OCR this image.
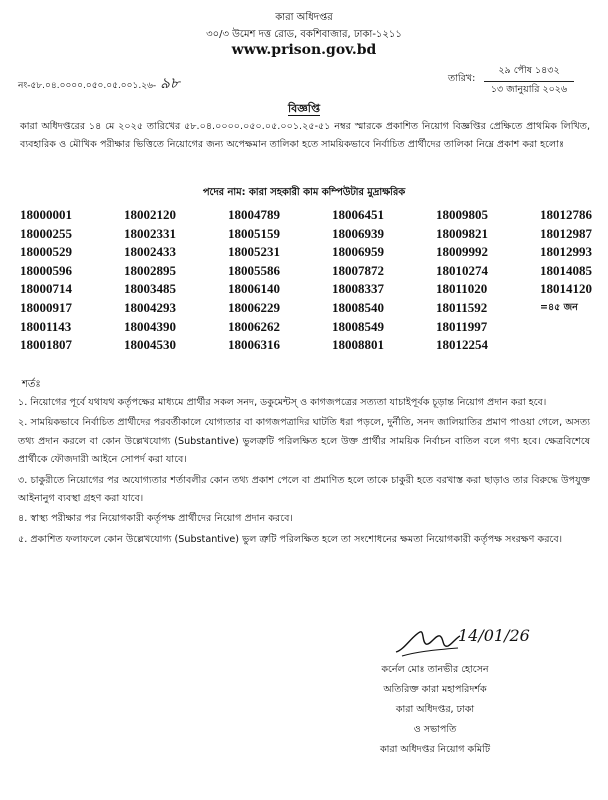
কারা অধিদপ্তর
৩০/৩ উমেশ দত্ত রোড, বকশিবাজার, ঢাকা-১২১১
www.prison.gov.bd
নং-৫৮.০৪.০০০০.০৫০.০৫.০০১.২৬- ৯৮	তারিখ:
২৯ পৌষ ১৪৩২
১৩ জানুয়ারি ২০২৬
বিজ্ঞপ্তি
কারা অধিদপ্তরের ১৪ মে ২০২৫ তারিখের ৫৮.০৪.০০০০.০৫০.০৫.০০১.২৫-৫১ নম্বর স্মারকে প্রকাশিত নিয়োগ বিজ্ঞপ্তির প্রেক্ষিতে প্রাথমিক লিখিত, ব্যবহারিক ও মৌখিক পরীক্ষার ভিত্তিতে নিয়োগের জন্য অপেক্ষমান তালিকা হতে সাময়িকভাবে নির্বাচিত প্রার্থীদের তালিকা নিম্নে প্রকাশ করা হলোঃ
পদের নাম: কারা সহকারী কাম কম্পিউটার মুদ্রাক্ষরিক
18000001	18002120	18004789	18006451	18009805	18012786
18000255	18002331	18005159	18006939	18009821	18012987
18000529	18002433	18005231	18006959	18009992	18012993
18000596	18002895	18005586	18007872	18010274	18014085
18000714	18003485	18006140	18008337	18011020	18014120
18000917	18004293	18006229	18008540	18011592	=৪৫ জন
18001143	18004390	18006262	18008549	18011997
18001807	18004530	18006316	18008801	18012254
শর্তঃ

১. নিয়োগের পূর্বে যথাযথ কর্তৃপক্ষের মাধ্যমে প্রার্থীর সকল সনদ, ডকুমেন্টস্ ও কাগজপত্রের সত্যতা যাচাইপূর্বক চূড়ান্ত নিয়োগ প্রদান করা হবে।

২. সাময়িকভাবে নির্বাচিত প্রার্থীদের পরবর্তীকালে যোগ্যতার বা কাগজপত্রাদির ঘাটতি ধরা পড়লে, দুর্নীতি, সনদ জালিয়াতির প্রমাণ পাওয়া গেলে, অসত্য তথ্য প্রদান করলে বা কোন উল্লেখযোগ্য (Substantive) ভুলত্রুটি পরিলক্ষিত হলে উক্ত প্রার্থীর সাময়িক নির্বাচন বাতিল বলে গণ্য হবে। ক্ষেত্রবিশেষে প্রার্থীকে ফৌজদারী আইনে সোপর্দ করা যাবে।

৩. চাকুরীতে নিয়োগের পর অযোগ্যতার শর্তাবলীর কোন তথ্য প্রকাশ পেলে বা প্রমাণিত হলে তাকে চাকুরী হতে বরখাস্ত করা ছাড়াও তার বিরুদ্ধে উপযুক্ত আইনানুগ ব্যবস্থা গ্রহণ করা যাবে।

৪. স্বাস্থ্য পরীক্ষার পর নিয়োগকারী কর্তৃপক্ষ প্রার্থীদের নিয়োগ প্রদান করবে।

৫. প্রকাশিত ফলাফলে কোন উল্লেখযোগ্য (Substantive) ভুল ত্রুটি পরিলক্ষিত হলে তা সংশোধনের ক্ষমতা নিয়োগকারী কর্তৃপক্ষ সংরক্ষণ করবে।

14/01/26
কর্নেল মোঃ তানভীর হোসেন
অতিরিক্ত কারা মহাপরিদর্শক
কারা অধিদপ্তর, ঢাকা
ও সভাপতি
কারা অধিদপ্তর নিয়োগ কমিটি
